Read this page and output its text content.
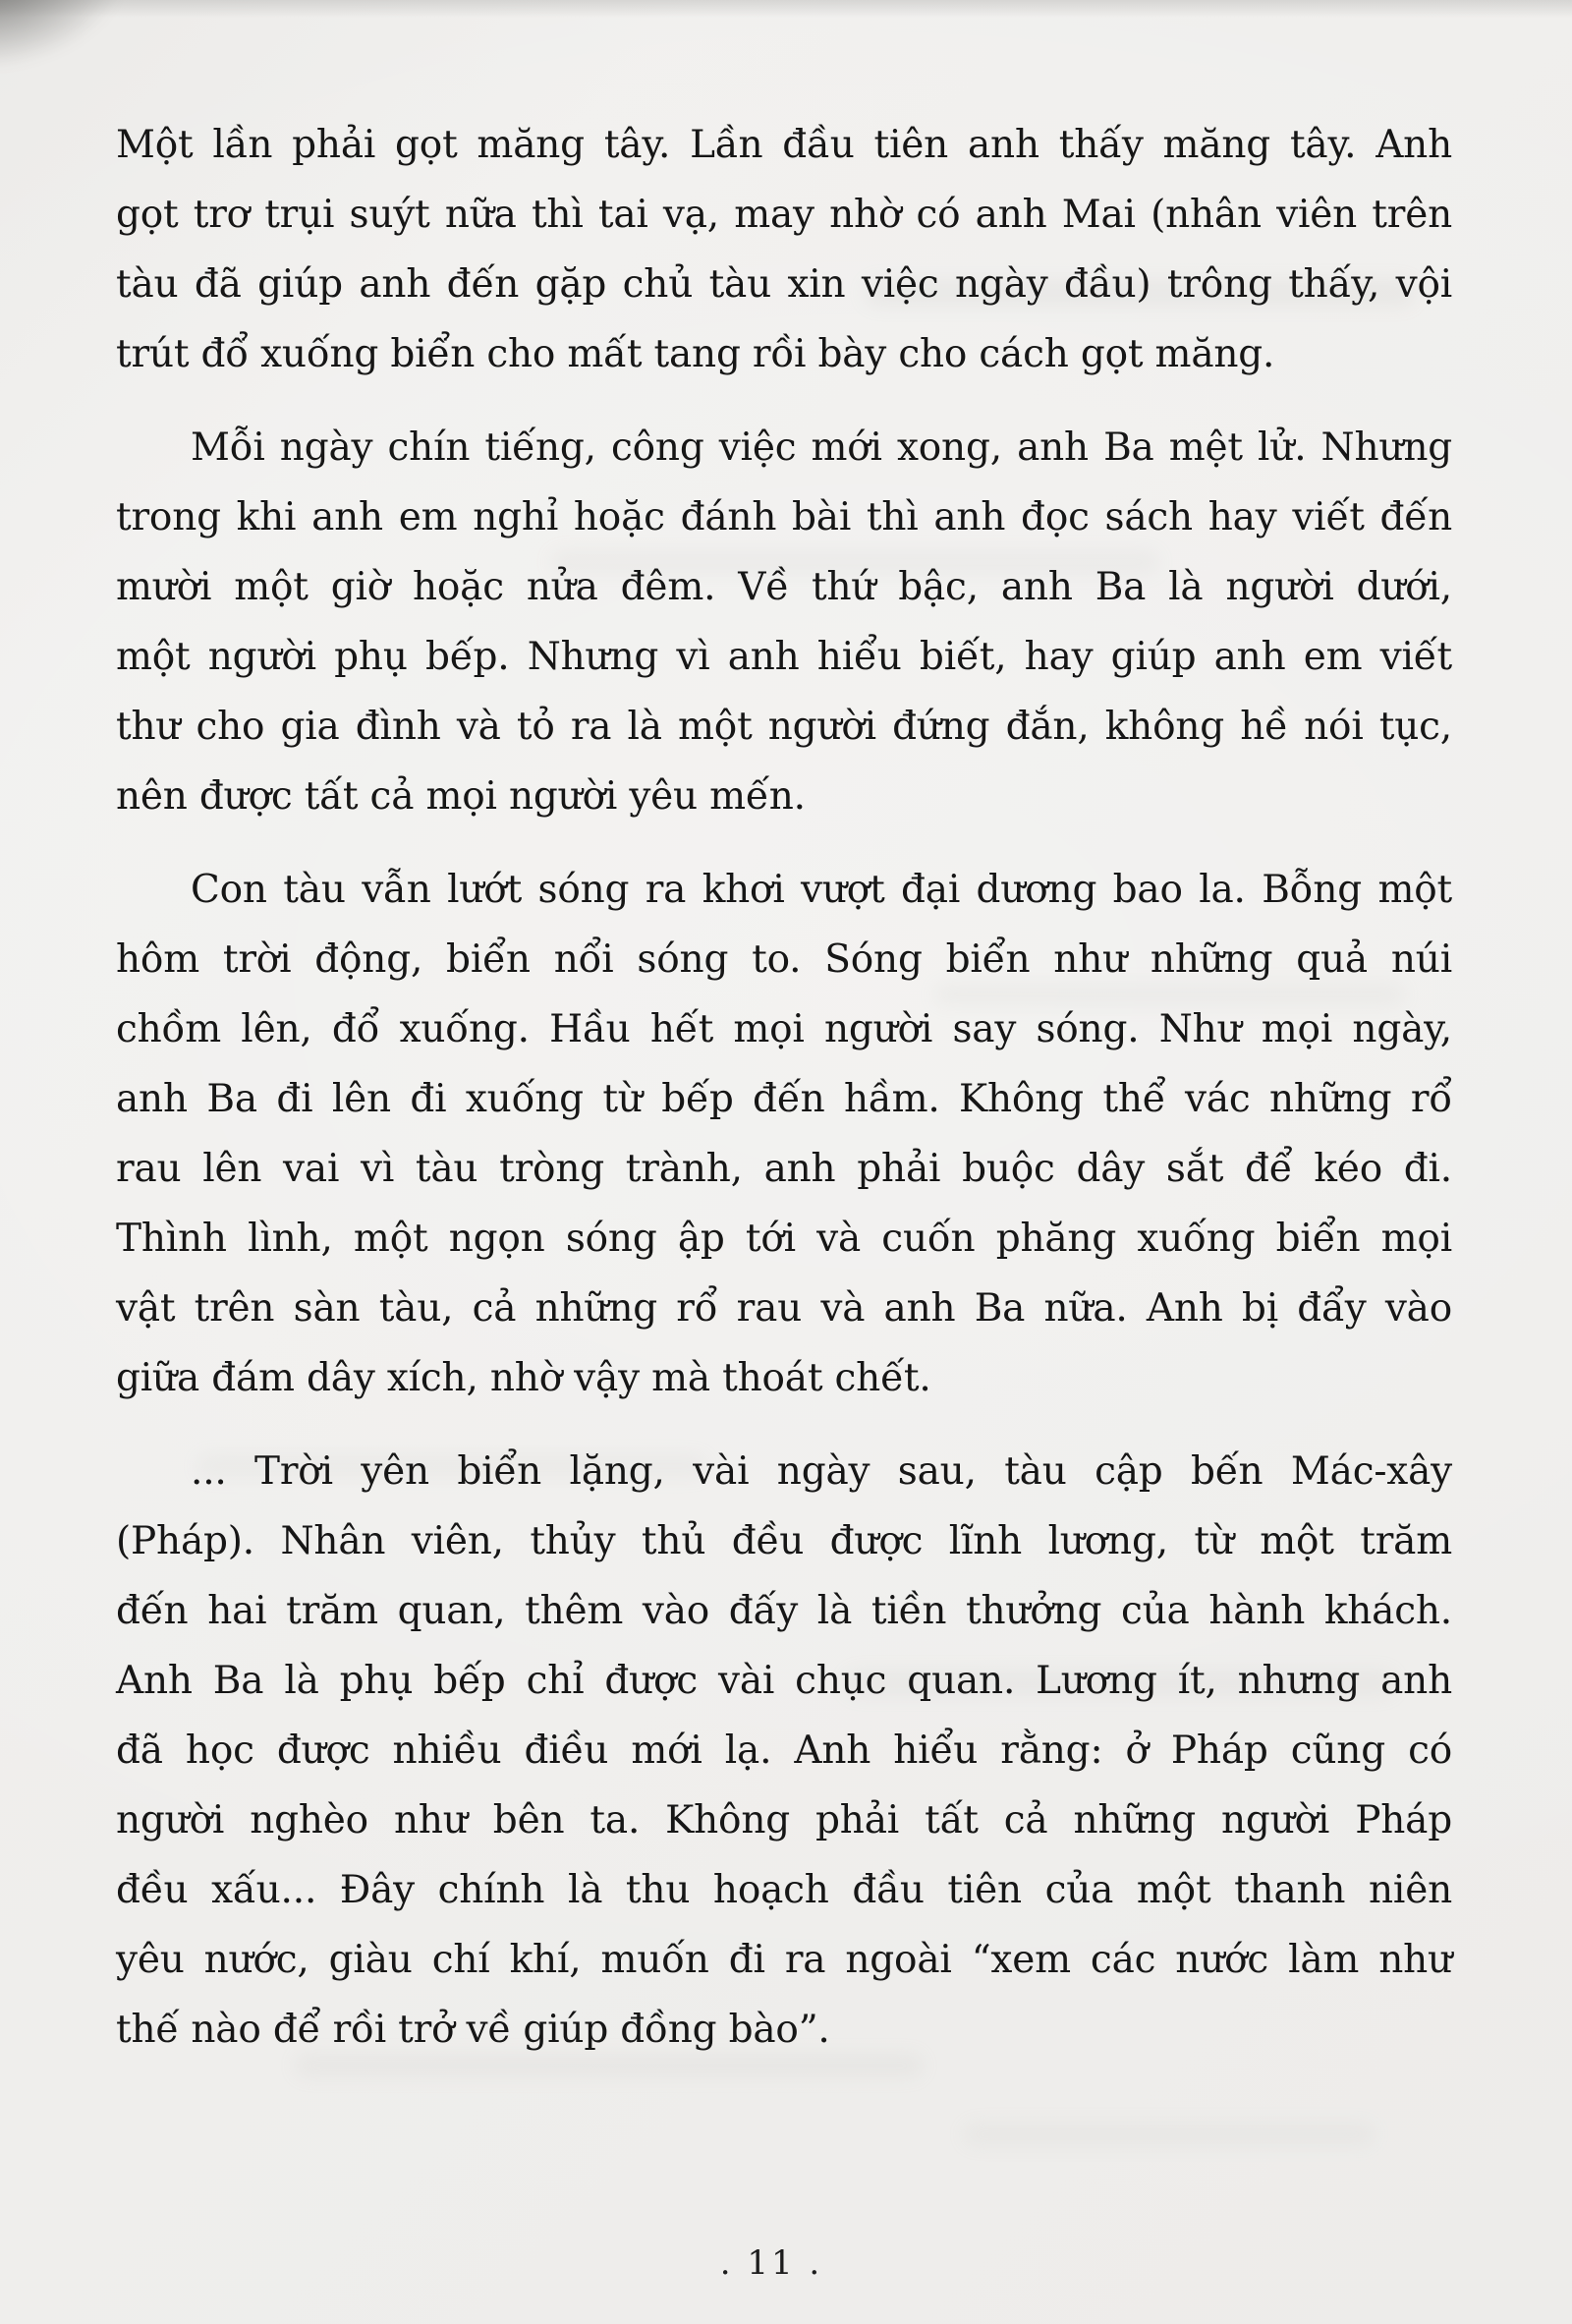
Một lần phải gọt măng tây. Lần đầu tiên anh thấy măng tây. Anh
gọt trơ trụi suýt nữa thì tai vạ, may nhờ có anh Mai (nhân viên trên
tàu đã giúp anh đến gặp chủ tàu xin việc ngày đầu) trông thấy, vội
trút đổ xuống biển cho mất tang rồi bày cho cách gọt măng.

Mỗi ngày chín tiếng, công việc mới xong, anh Ba mệt lử. Nhưng
trong khi anh em nghỉ hoặc đánh bài thì anh đọc sách hay viết đến
mười một giờ hoặc nửa đêm. Về thứ bậc, anh Ba là người dưới,
một người phụ bếp. Nhưng vì anh hiểu biết, hay giúp anh em viết
thư cho gia đình và tỏ ra là một người đứng đắn, không hề nói tục,
nên được tất cả mọi người yêu mến.

Con tàu vẫn lướt sóng ra khơi vượt đại dương bao la. Bỗng một
hôm trời động, biển nổi sóng to. Sóng biển như những quả núi
chồm lên, đổ xuống. Hầu hết mọi người say sóng. Như mọi ngày,
anh Ba đi lên đi xuống từ bếp đến hầm. Không thể vác những rổ
rau lên vai vì tàu tròng trành, anh phải buộc dây sắt để kéo đi.
Thình lình, một ngọn sóng ập tới và cuốn phăng xuống biển mọi
vật trên sàn tàu, cả những rổ rau và anh Ba nữa. Anh bị đẩy vào
giữa đám dây xích, nhờ vậy mà thoát chết.

... Trời yên biển lặng, vài ngày sau, tàu cập bến Mác-xây
(Pháp). Nhân viên, thủy thủ đều được lĩnh lương, từ một trăm
đến hai trăm quan, thêm vào đấy là tiền thưởng của hành khách.
Anh Ba là phụ bếp chỉ được vài chục quan. Lương ít, nhưng anh
đã học được nhiều điều mới lạ. Anh hiểu rằng: ở Pháp cũng có
người nghèo như bên ta. Không phải tất cả những người Pháp
đều xấu... Đây chính là thu hoạch đầu tiên của một thanh niên
yêu nước, giàu chí khí, muốn đi ra ngoài “xem các nước làm như
thế nào để rồi trở về giúp đồng bào”.

. 11 .
